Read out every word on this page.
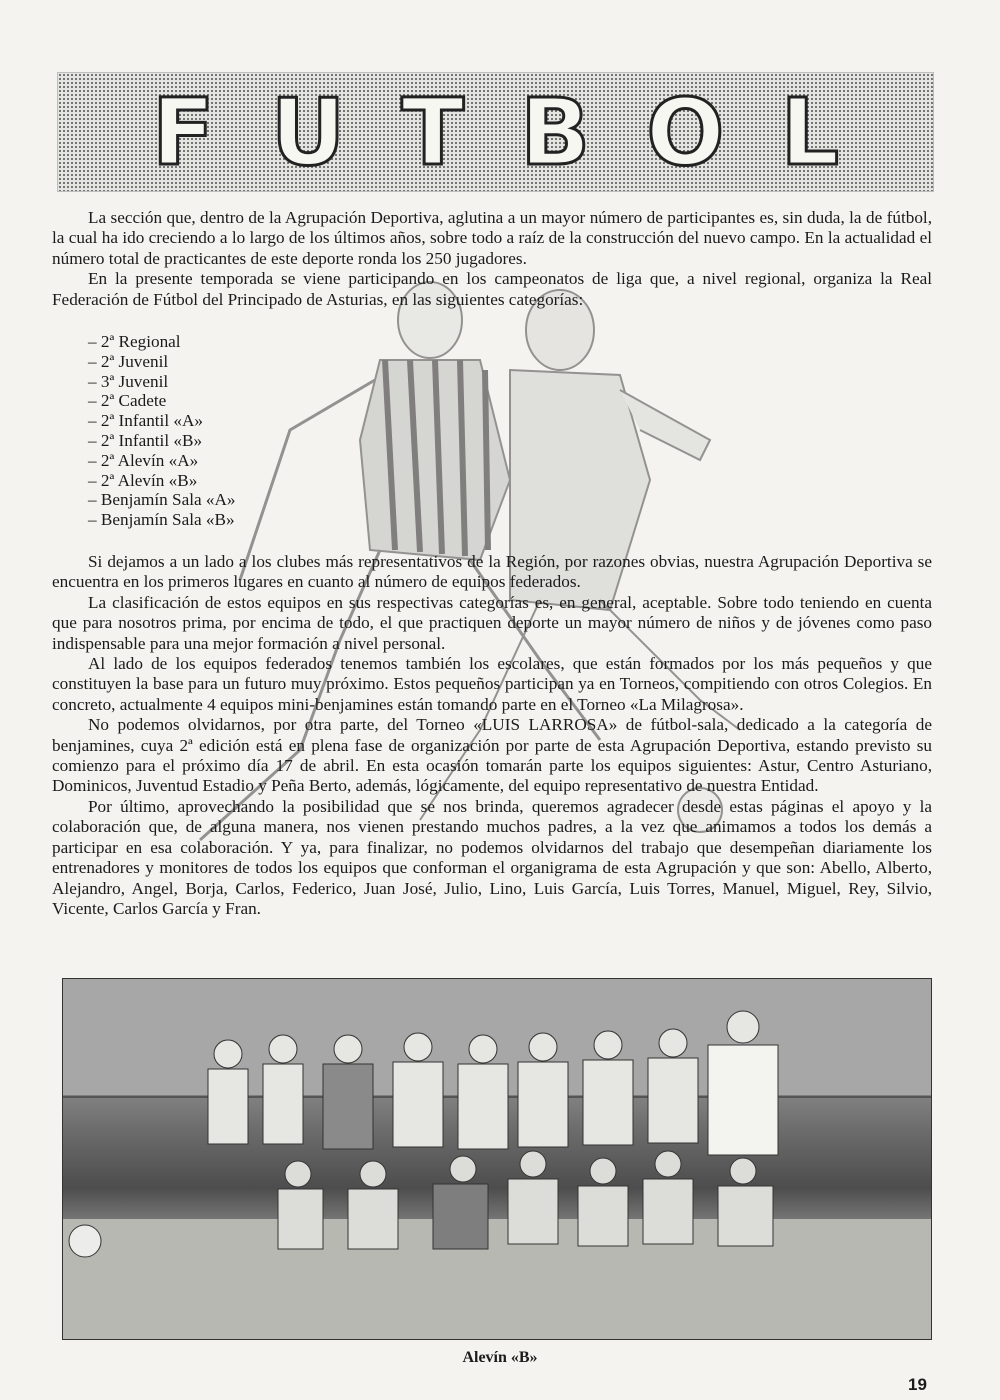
FUTBOL

La sección que, dentro de la Agrupación Deportiva, aglutina a un mayor número de participantes es, sin duda, la de fútbol, la cual ha ido creciendo a lo largo de los últimos años, sobre todo a raíz de la construcción del nuevo campo. En la actualidad el número total de practicantes de este deporte ronda los 250 jugadores.

En la presente temporada se viene participando en los campeonatos de liga que, a nivel regional, organiza la Real Federación de Fútbol del Principado de Asturias, en las siguientes categorías:

– 2ª Regional
– 2ª Juvenil
– 3ª Juvenil
– 2ª Cadete
– 2ª Infantil «A»
– 2ª Infantil «B»
– 2ª Alevín «A»
– 2ª Alevín «B»
– Benjamín Sala «A»
– Benjamín Sala «B»

Si dejamos a un lado a los clubes más representativos de la Región, por razones obvias, nuestra Agrupación Deportiva se encuentra en los primeros lugares en cuanto al número de equipos federados.

La clasificación de estos equipos en sus respectivas categorías es, en general, aceptable. Sobre todo teniendo en cuenta que para nosotros prima, por encima de todo, el que practiquen deporte un mayor número de niños y de jóvenes como paso indispensable para una mejor formación a nivel personal.

Al lado de los equipos federados tenemos también los escolares, que están formados por los más pequeños y que constituyen la base para un futuro muy próximo. Estos pequeños participan ya en Torneos, compitiendo con otros Colegios. En concreto, actualmente 4 equipos mini-benjamines están tomando parte en el Torneo «La Milagrosa».

No podemos olvidarnos, por otra parte, del Torneo «LUIS LARROSA» de fútbol-sala, dedicado a la categoría de benjamines, cuya 2ª edición está en plena fase de organización por parte de esta Agrupación Deportiva, estando previsto su comienzo para el próximo día 17 de abril. En esta ocasión tomarán parte los equipos siguientes: Astur, Centro Asturiano, Dominicos, Juventud Estadio y Peña Berto, además, lógicamente, del equipo representativo de nuestra Entidad.

Por último, aprovechando la posibilidad que se nos brinda, queremos agradecer desde estas páginas el apoyo y la colaboración que, de alguna manera, nos vienen prestando muchos padres, a la vez que animamos a todos los demás a participar en esa colaboración. Y ya, para finalizar, no podemos olvidarnos del trabajo que desempeñan diariamente los entrenadores y monitores de todos los equipos que conforman el organigrama de esta Agrupación y que son: Abello, Alberto, Alejandro, Angel, Borja, Carlos, Federico, Juan José, Julio, Lino, Luis García, Luis Torres, Manuel, Miguel, Rey, Silvio, Vicente, Carlos García y Fran.

Alevín «B»
19
